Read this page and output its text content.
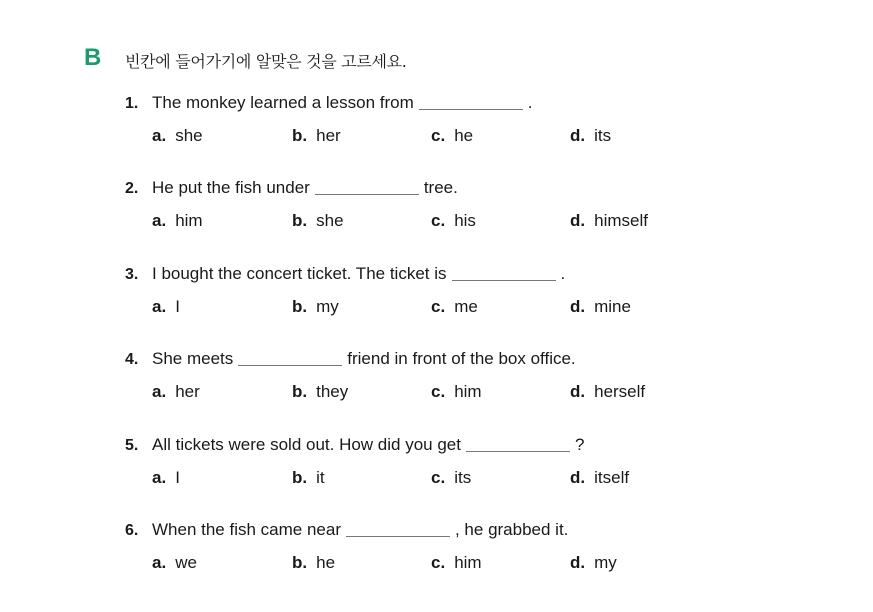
B 빈칸에 들어가기에 알맞은 것을 고르세요.
1. The monkey learned a lesson from	.
a. she	b. her	c. he	d. its
2. He put the fish under	tree.
a. him	b. she	c. his	d. himself
3. I bought the concert ticket. The ticket is	.
a. I	b. my	c. me	d. mine
4. She meets	friend in front of the box office.
a. her	b. they	c. him	d. herself
5. All tickets were sold out. How did you get	?
a. I	b. it	c. its	d. itself
6. When the fish came near	, he grabbed it.
a. we	b. he	c. him	d. my
